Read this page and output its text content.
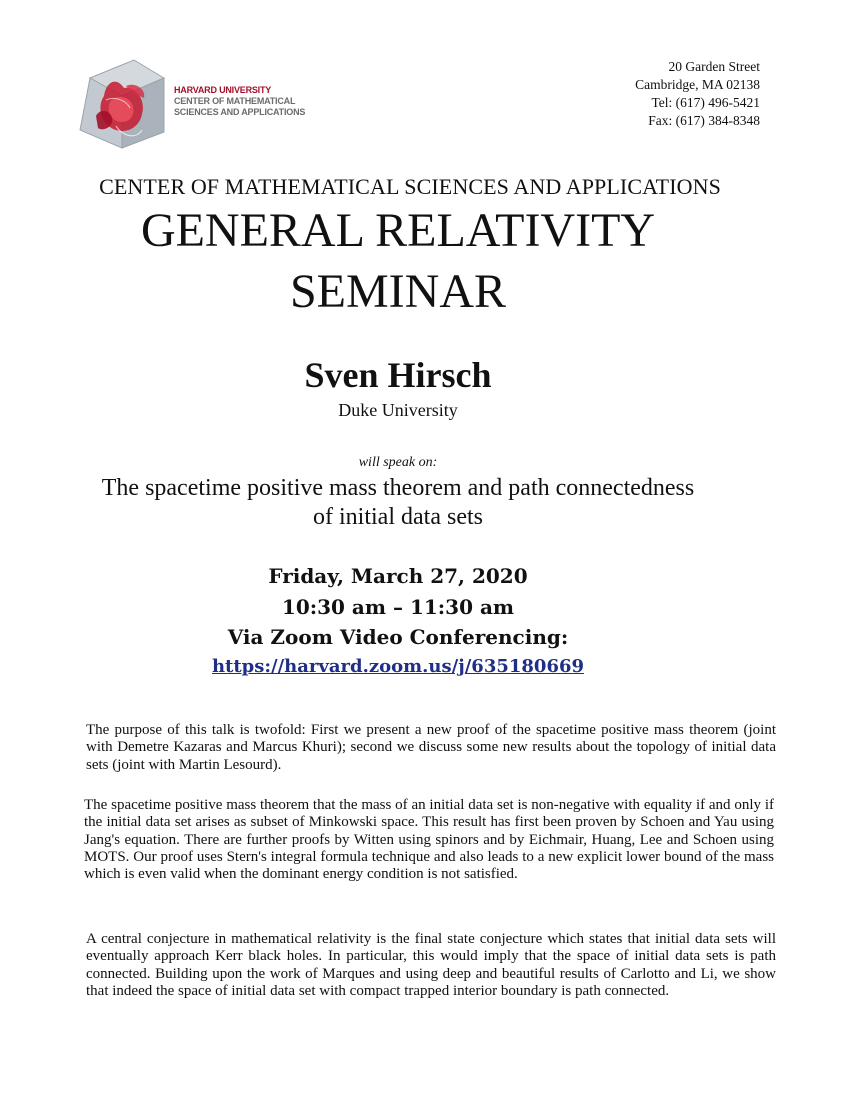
HARVARD UNIVERSITY
CENTER OF MATHEMATICAL
SCIENCES AND APPLICATIONS
20 Garden Street
Cambridge, MA 02138
Tel: (617) 496-5421
Fax: (617) 384-8348
CENTER OF MATHEMATICAL SCIENCES AND APPLICATIONS
GENERAL RELATIVITY
SEMINAR
Sven Hirsch
Duke University
will speak on:
The spacetime positive mass theorem and path connectedness
of initial data sets
Friday, March 27, 2020
10:30 am – 11:30 am
Via Zoom Video Conferencing:
https://harvard.zoom.us/j/635180669

The purpose of this talk is twofold: First we present a new proof of the spacetime positive mass theorem (joint with Demetre Kazaras and Marcus Khuri); second we discuss some new results about the topology of initial data sets (joint with Martin Lesourd).

The spacetime positive mass theorem that the mass of an initial data set is non-negative with equality if and only if the initial data set arises as subset of Minkowski space. This result has first been proven by Schoen and Yau using Jang's equation. There are further proofs by Witten using spinors and by Eichmair, Huang, Lee and Schoen using MOTS. Our proof uses Stern's integral formula technique and also leads to a new explicit lower bound of the mass which is even valid when the dominant energy condition is not satisfied.

A central conjecture in mathematical relativity is the final state conjecture which states that initial data sets will eventually approach Kerr black holes. In particular, this would imply that the space of initial data sets is path connected. Building upon the work of Marques and using deep and beautiful results of Carlotto and Li, we show that indeed the space of initial data set with compact trapped interior boundary is path connected.
